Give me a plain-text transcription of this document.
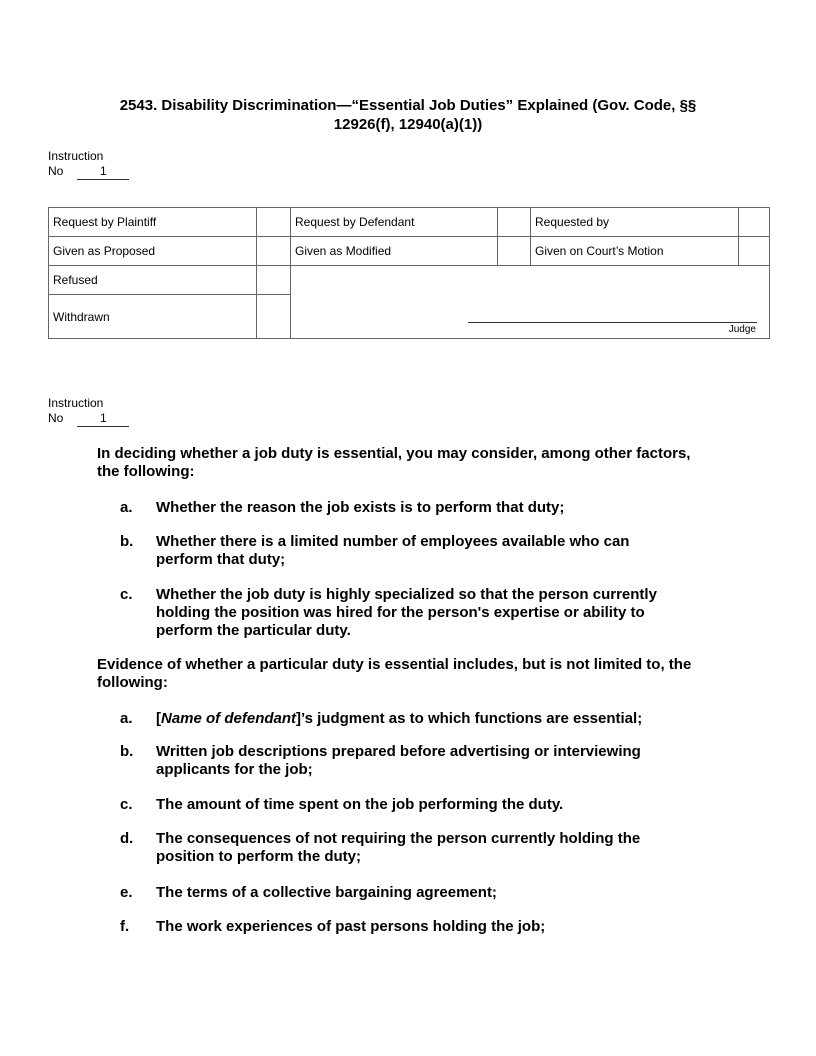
2543. Disability Discrimination—“Essential Job Duties” Explained (Gov. Code, §§ 12926(f), 12940(a)(1))
Instruction
No	1
Request by Plaintiff		Request by Defendant		Requested by	
Given as Proposed		Given as Modified		Given on Court’s Motion	
Refused		Judge			

Withdrawn					
Instruction
No	1
In deciding whether a job duty is essential, you may consider, among other factors, the following:
a. Whether the reason the job exists is to perform that duty;
b. Whether there is a limited number of employees available who can perform that duty;
c. Whether the job duty is highly specialized so that the person currently holding the position was hired for the person's expertise or ability to perform the particular duty.
Evidence of whether a particular duty is essential includes, but is not limited to, the following:
a. [Name of defendant]’s judgment as to which functions are essential;
b. Written job descriptions prepared before advertising or interviewing applicants for the job;
c. The amount of time spent on the job performing the duty.
d. The consequences of not requiring the person currently holding the position to perform the duty;
e. The terms of a collective bargaining agreement;
f. The work experiences of past persons holding the job;
